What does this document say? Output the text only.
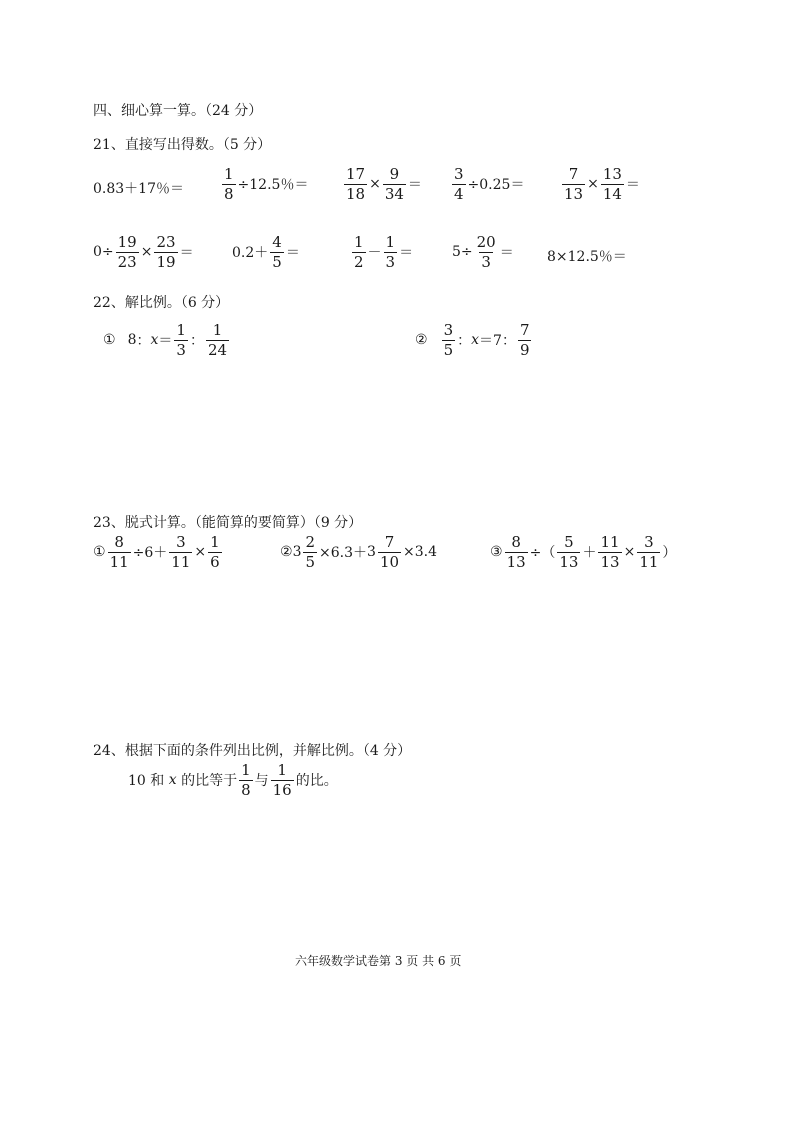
四、细心算一算。（24 分）
21、直接写出得数。（5 分）
0.83＋17％＝	$\frac{1}{8} \div 12.5$％＝ $\frac{17}{18} \times \frac{9}{34} = \frac{3}{4} \div 0.25=$	$\frac{7}{13} \times \frac{13}{14}$ ＝
$0\div \frac{19}{23} \times \frac{23}{19}$ ＝	$0.2+ \frac{4}{5}$ ＝	$\frac{1}{2} - \frac{1}{3}$ ＝	$5\div \frac{20}{3} = 8\times 12.5$％＝
22、解比例。（6 分）
① 8 ： $x = \frac{1}{3}$ ： $\frac{1}{24}$	② $\frac{3}{5}$ ： x ＝7 ： $\frac{7}{9}$
23、脱式计算。（能简算的要简算）（9 分）
① $\frac{8}{11} \div 6+ \frac{3}{11} \times \frac{1}{6}$	② $3 \frac{2}{5} \times 6.3+ 3 \frac{7}{10} \times 3.4$	③ $\frac{8}{13}$ ÷（ $\frac{5}{13} + \frac{11}{13} \times \frac{3}{11}$ ）
24、根据下面的条件列出比例，并解比例。（4 分）
10 和 x 的比等于 $\frac{1}{8}$ 与 $\frac{1}{16}$ 的比。
六年级数学试卷第 3 页 共 6 页
